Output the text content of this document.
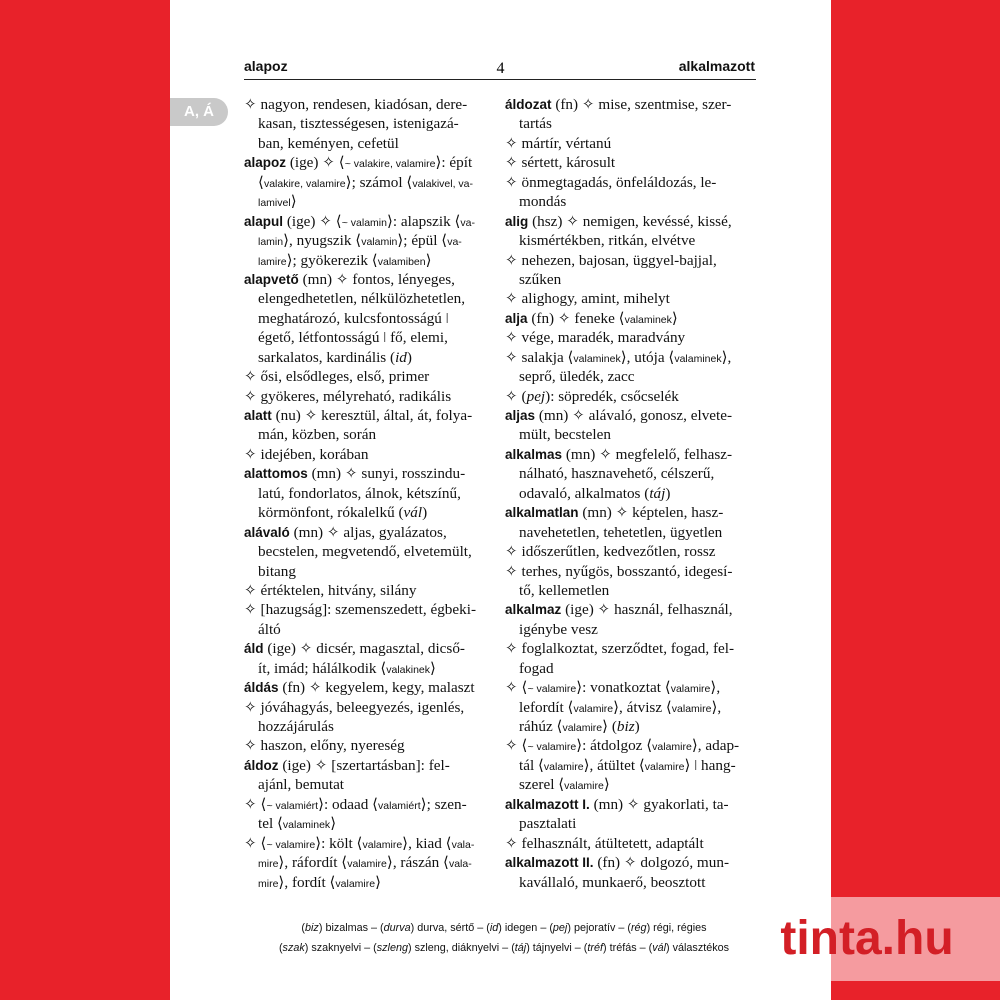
alapoz	4	alkalmazott
A, Á	✧ nagyon, rendesen, kiadósan, dere-
kasan, tisztességesen, istenigazá-
ban, keményen, cefetül
alapoz (ige) ✧ ⟨~ valakire, valamire⟩: épít
⟨valakire, valamire⟩; számol ⟨valakivel, va-
lamivel⟩
alapul (ige) ✧ ⟨~ valamin⟩: alapszik ⟨va-
lamin⟩, nyugszik ⟨valamin⟩; épül ⟨va-
lamire⟩; gyökerezik ⟨valamiben⟩
alapvető (mn) ✧ fontos, lényeges,
elengedhetetlen, nélkülözhetetlen,
meghatározó, kulcsfontosságú ǀ
égető, létfontosságú ǀ fő, elemi,
sarkalatos, kardinális (id)
✧ ősi, elsődleges, első, primer
✧ gyökeres, mélyreható, radikális
alatt (nu) ✧ keresztül, által, át, folya-
mán, közben, során
✧ idejében, korában
alattomos (mn) ✧ sunyi, rosszindu-
latú, fondorlatos, álnok, kétszínű,
körmönfont, rókalelkű (vál)
alávaló (mn) ✧ aljas, gyalázatos,
becstelen, megvetendő, elvetemült,
bitang
✧ értéktelen, hitvány, silány
✧ [hazugság]: szemenszedett, égbeki-
áltó
áld (ige) ✧ dicsér, magasztal, dicső-
ít, imád; hálálkodik ⟨valakinek⟩
áldás (fn) ✧ kegyelem, kegy, malaszt
✧ jóváhagyás, beleegyezés, igenlés,
hozzájárulás
✧ haszon, előny, nyereség
áldoz (ige) ✧ [szertartásban]: fel-
ajánl, bemutat
✧ ⟨~ valamiért⟩: odaad ⟨valamiért⟩; szen-
tel ⟨valaminek⟩
✧ ⟨~ valamire⟩: költ ⟨valamire⟩, kiad ⟨vala-
mire⟩, ráfordít ⟨valamire⟩, rászán ⟨vala-
mire⟩, fordít ⟨valamire⟩
áldozat (fn) ✧ mise, szentmise, szer-
tartás
✧ mártír, vértanú
✧ sértett, károsult
✧ önmegtagadás, önfeláldozás, le-
mondás
alig (hsz) ✧ nemigen, kevéssé, kissé,
kismértékben, ritkán, elvétve
✧ nehezen, bajosan, üggyel-bajjal,
szűken
✧ alighogy, amint, mihelyt
alja (fn) ✧ feneke ⟨valaminek⟩
✧ vége, maradék, maradvány
✧ salakja ⟨valaminek⟩, utója ⟨valaminek⟩,
seprő, üledék, zacc
✧ (pej): söpredék, csőcselék
aljas (mn) ✧ alávaló, gonosz, elvete-
mült, becstelen
alkalmas (mn) ✧ megfelelő, felhasz-
nálható, hasznavehető, célszerű,
odavaló, alkalmatos (táj)
alkalmatlan (mn) ✧ képtelen, hasz-
navehetetlen, tehetetlen, ügyetlen
✧ időszerűtlen, kedvezőtlen, rossz
✧ terhes, nyűgös, bosszantó, idegesí-
tő, kellemetlen
alkalmaz (ige) ✧ használ, felhasznál,
igénybe vesz
✧ foglalkoztat, szerződtet, fogad, fel-
fogad
✧ ⟨~ valamire⟩: vonatkoztat ⟨valamire⟩,
lefordít ⟨valamire⟩, átvisz ⟨valamire⟩,
ráhúz ⟨valamire⟩ (biz)
✧ ⟨~ valamire⟩: átdolgoz ⟨valamire⟩, adap-
tál ⟨valamire⟩, átültet ⟨valamire⟩ ǀ hang-
szerel ⟨valamire⟩
alkalmazott I. (mn) ✧ gyakorlati, ta-
pasztalati
✧ felhasznált, átültetett, adaptált
alkalmazott II. (fn) ✧ dolgozó, mun-
kavállaló, munkaerő, beosztott
(biz) bizalmas – (durva) durva, sértő – (id) idegen – (pej) pejoratív – (rég) régi, régies
(szak) szaknyelvi – (szleng) szleng, diáknyelvi – (táj) tájnyelvi – (tréf) tréfás – (vál) választékos	tinta.hu
